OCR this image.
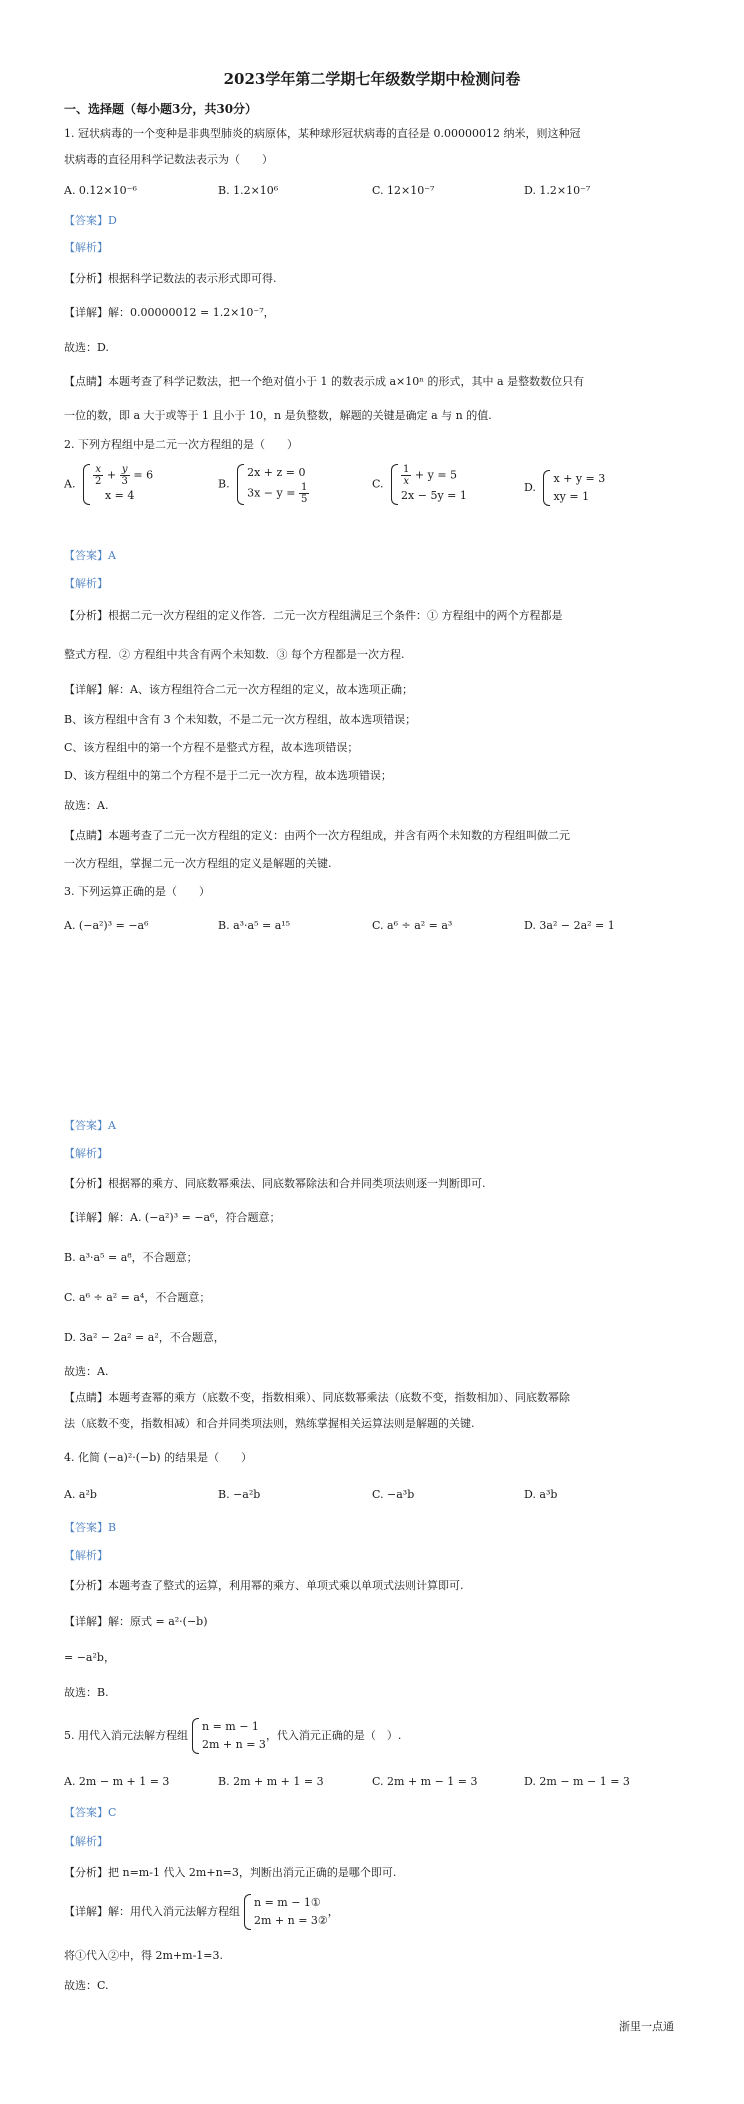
2023学年第二学期七年级数学期中检测问卷
一、选择题（每小题3分，共30分）
1. 冠状病毒的一个变种是非典型肺炎的病原体，某种球形冠状病毒的直径是 0.00000012 纳米，则这种冠
状病毒的直径用科学记数法表示为（　　）
A. 0.12×10⁻⁶	B. 1.2×10⁶	C. 12×10⁻⁷	D. 1.2×10⁻⁷
【答案】D
【解析】
【分析】根据科学记数法的表示形式即可得.
【详解】解：0.00000012 = 1.2×10⁻⁷，
故选：D.
【点睛】本题考查了科学记数法，把一个绝对值小于 1 的数表示成 a×10ⁿ 的形式，其中 a 是整数数位只有
一位的数，即 a 大于或等于 1 且小于 10，n 是负整数，解题的关键是确定 a 与 n 的值.
2. 下列方程组中是二元一次方程组的是（　　）
A. $\frac{x}{2} + \frac{y}{3} = 6$
x = 4
B.
2x + z = 0
$3x - y = \frac{1}{5}$	C. $\frac{1}{x} + y = 5$
2x − 5y = 1
D.
x + y = 3
xy = 1
【答案】A
【解析】
【分析】根据二元一次方程组的定义作答．二元一次方程组满足三个条件：① 方程组中的两个方程都是
整式方程．② 方程组中共含有两个未知数．③ 每个方程都是一次方程.
【详解】解：A、该方程组符合二元一次方程组的定义，故本选项正确；
B、该方程组中含有 3 个未知数，不是二元一次方程组，故本选项错误；
C、该方程组中的第一个方程不是整式方程，故本选项错误；
D、该方程组中的第二个方程不是于二元一次方程，故本选项错误；
故选：A.
【点睛】本题考查了二元一次方程组的定义：由两个一次方程组成，并含有两个未知数的方程组叫做二元
一次方程组，掌握二元一次方程组的定义是解题的关键.
3. 下列运算正确的是（　　）
A. (−a²)³ = −a⁶	B. a³·a⁵ = a¹⁵	C. a⁶ ÷ a² = a³	D. 3a² − 2a² = 1
【答案】A
【解析】
【分析】根据幂的乘方、同底数幂乘法、同底数幂除法和合并同类项法则逐一判断即可.
【详解】解：A. (−a²)³ = −a⁶，符合题意；
B. a³·a⁵ = a⁸，不合题意；
C. a⁶ ÷ a² = a⁴，不合题意；
D. 3a² − 2a² = a²，不合题意，
故选：A.
【点睛】本题考查幂的乘方（底数不变，指数相乘）、同底数幂乘法（底数不变，指数相加）、同底数幂除
法（底数不变，指数相减）和合并同类项法则，熟练掌握相关运算法则是解题的关键.
4. 化简 (−a)²·(−b) 的结果是（　　）
A. a²b	B. −a²b	C. −a³b	D. a³b
【答案】B
【解析】
【分析】本题考查了整式的运算，利用幂的乘方、单项式乘以单项式法则计算即可.
【详解】解：原式 = a²·(−b)
= −a²b，
故选：B.
5. 用代入消元法解方程组
n = m − 1
2m + n = 3
，代入消元正确的是（　）.
A. 2m − m + 1 = 3	B. 2m + m + 1 = 3	C. 2m + m − 1 = 3	D. 2m − m − 1 = 3
【答案】C
【解析】
【分析】把 n=m-1 代入 2m+n=3，判断出消元正确的是哪个即可.
【详解】解：用代入消元法解方程组
n = m − 1①
2m + n = 3②
，
将①代入②中，得 2m+m-1=3.
故选：C.
浙里一点通
